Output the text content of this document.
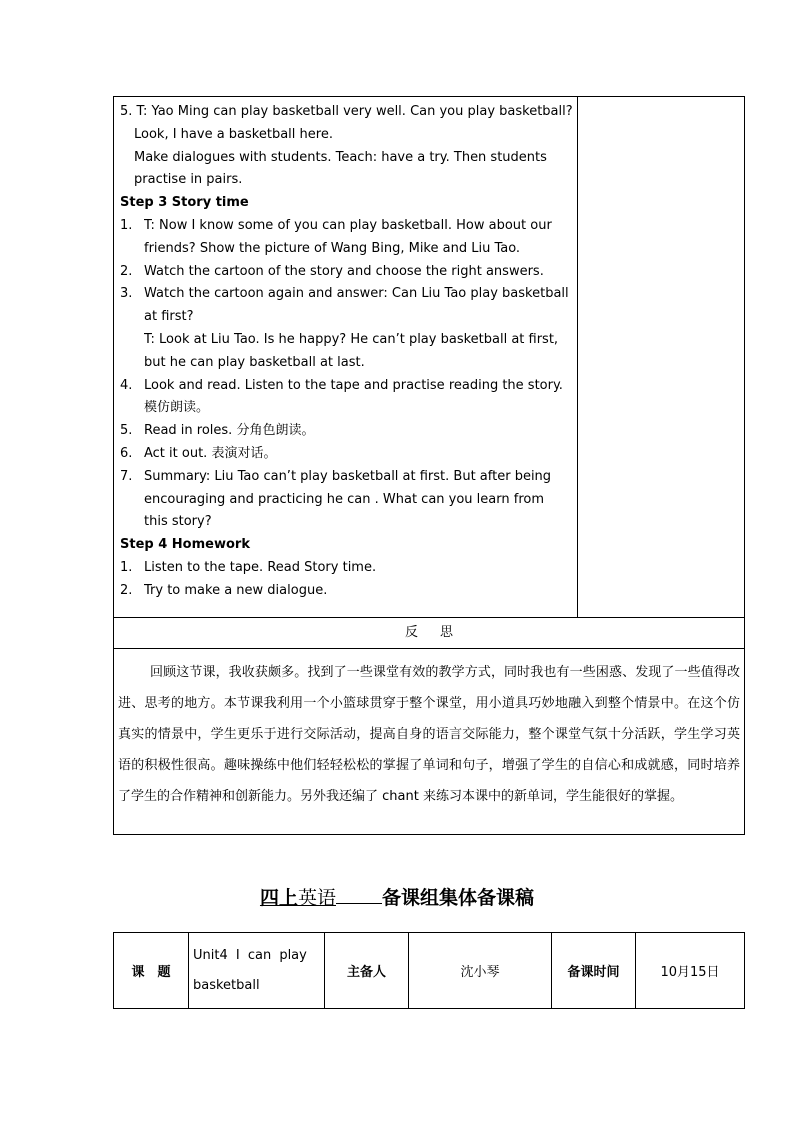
5. T: Yao Ming can play basketball very well. Can you play basketball?
Look, I have a basketball here.
Make dialogues with students. Teach: have a try. Then students
practise in pairs.
Step 3 Story time
1. T: Now I know some of you can play basketball. How about our
friends? Show the picture of Wang Bing, Mike and Liu Tao.
2. Watch the cartoon of the story and choose the right answers.
3. Watch the cartoon again and answer: Can Liu Tao play basketball
at first?
T: Look at Liu Tao. Is he happy? He can’t play basketball at first,
but he can play basketball at last.
4. Look and read. Listen to the tape and practise reading the story.
模仿朗读。
5. Read in roles. 分角色朗读。
6. Act it out. 表演对话。
7. Summary: Liu Tao can’t play basketball at first. But after being
encouraging and practicing he can . What can you learn from
this story?
Step 4 Homework
1. Listen to the tape. Read Story time.
2. Try to make a new dialogue.

反思
回顾这节课，我收获颇多。找到了一些课堂有效的教学方式，同时我也有一些困惑、发现了一些值得改进、思考的地方。本节课我利用一个小篮球贯穿于整个课堂，用小道具巧妙地融入到整个情景中。在这个仿真实的情景中，学生更乐于进行交际活动，提高自身的语言交际能力，整个课堂气氛十分活跃，学生学习英语的积极性很高。趣味操练中他们轻轻松松的掌握了单词和句子，增强了学生的自信心和成就感，同时培养了学生的合作精神和创新能力。另外我还编了 chant 来练习本课中的新单词，学生能很好的掌握。
四上英语 备课组集体备课稿
课　题	Unit4 I can play basketball	主备人	沈小琴	备课时间	10月15日
